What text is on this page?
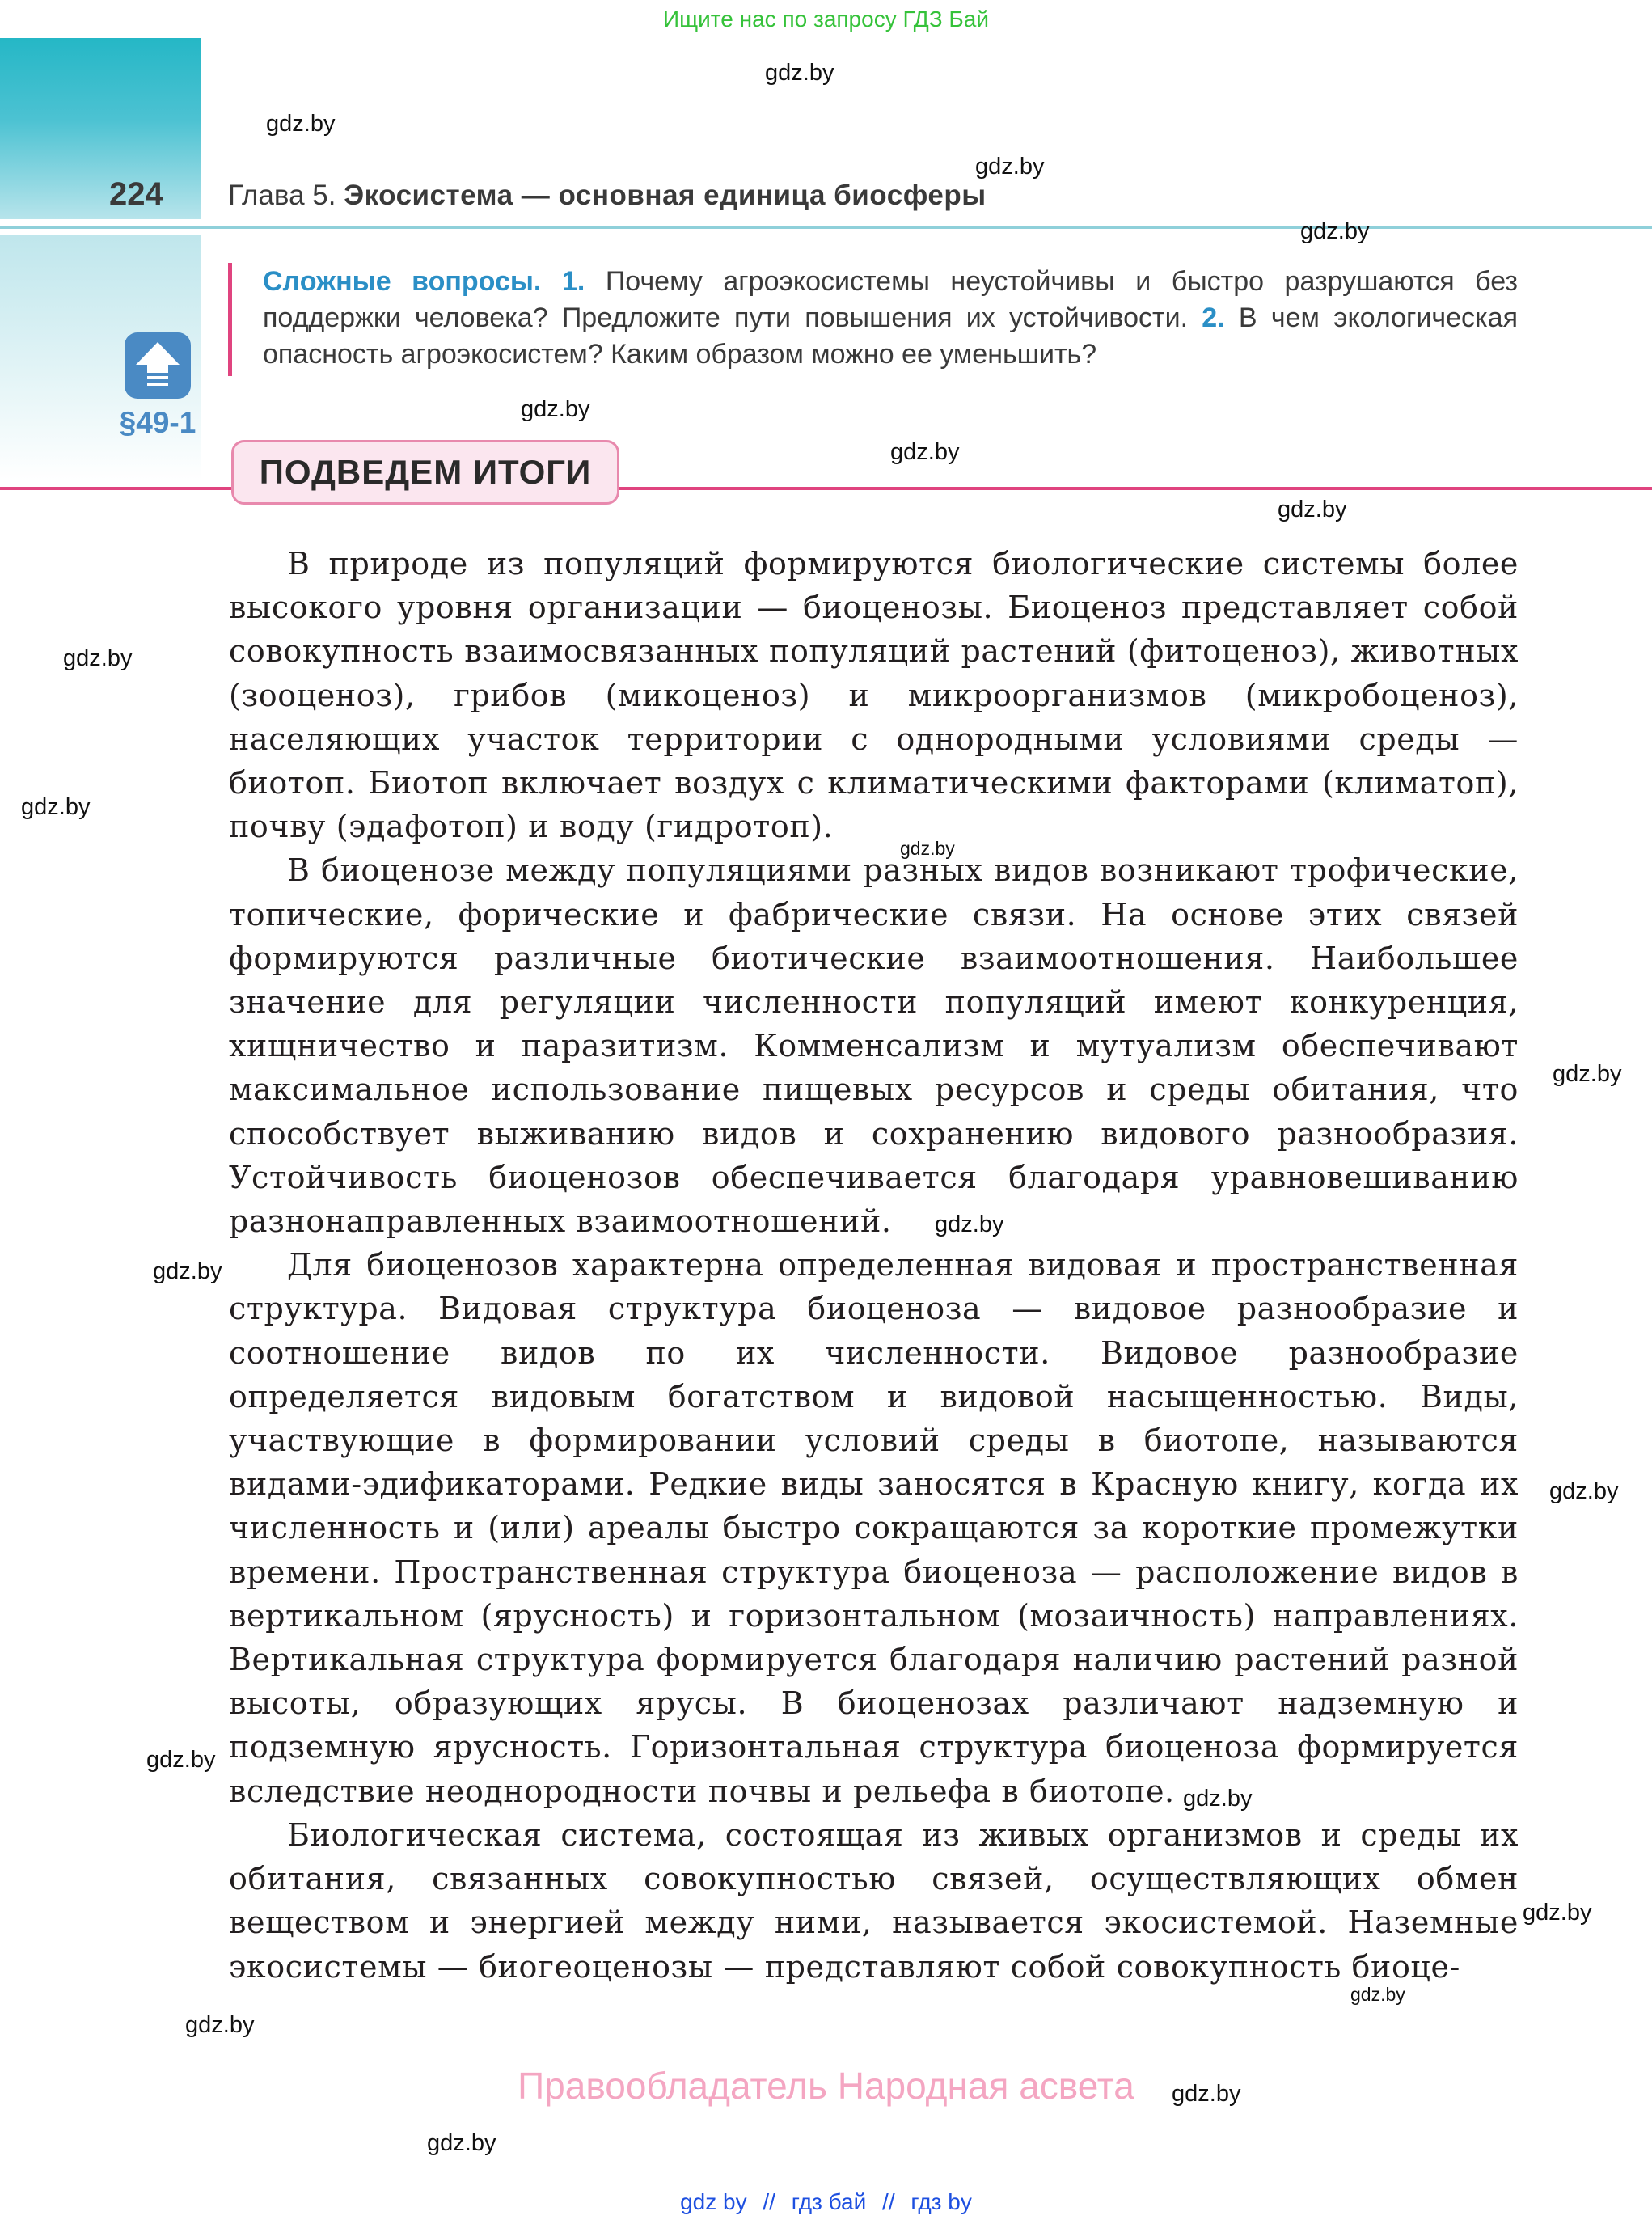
Ищите нас по запросу ГДЗ Бай
224 Глава 5. Экосистема — основная единица биосферы
Сложные вопросы. 1. Почему агроэкосистемы неустойчивы и быстро разрушаются без поддержки человека? Предложите пути повышения их устойчивости. 2. В чем экологическая опасность агроэкосистем? Каким образом можно ее уменьшить?
§49-1
ПОДВЕДЕМ ИТОГИ

В природе из популяций формируются биологические системы более высокого уровня организации — биоценозы. Биоценоз представляет собой совокупность взаимосвязанных популяций растений (фитоценоз), животных (зооценоз), грибов (микоценоз) и микроорганизмов (микробоценоз), населяющих участок территории с однородными условиями среды — биотоп. Биотоп включает воздух с климатическими факторами (климатоп), почву (эдафотоп) и воду (гидротоп).

В биоценозе между популяциями разных видов возникают трофические, топические, форические и фабрические связи. На основе этих связей формируются различные биотические взаимоотношения. Наибольшее значение для регуляции численности популяций имеют конкуренция, хищничество и паразитизм. Комменсализм и мутуализм обеспечивают максимальное использование пищевых ресурсов и среды обитания, что способствует выживанию видов и сохранению видового разнообразия. Устойчивость биоценозов обеспечивается благодаря уравновешиванию разнонаправленных взаимоотношений.

Для биоценозов характерна определенная видовая и пространственная структура. Видовая структура биоценоза — видовое разнообразие и соотношение видов по их численности. Видовое разнообразие определяется видовым богатством и видовой насыщенностью. Виды, участвующие в формировании условий среды в биотопе, называются видами-эдификаторами. Редкие виды заносятся в Красную книгу, когда их численность и (или) ареалы быстро сокращаются за короткие промежутки времени. Пространственная структура биоценоза — расположение видов в вертикальном (ярусность) и горизонтальном (мозаичность) направлениях. Вертикальная структура формируется благодаря наличию растений разной высоты, образующих ярусы. В биоценозах различают надземную и подземную ярусность. Горизонтальная структура биоценоза формируется вследствие неоднородности почвы и рельефа в биотопе.

Биологическая система, состоящая из живых организмов и среды их обитания, связанных совокупностью связей, осуществляющих обмен веществом и энергией между ними, называется экосистемой. Наземные экосистемы — биогеоценозы — представляют собой совокупность биоце-

Правообладатель Народная асвета
gdz.by
gdz.by
gdz.by
gdz.by
gdz.by
gdz.by
gdz.by
gdz.by
gdz.by
gdz.by
gdz.by
gdz.by
gdz.by
gdz.by
gdz.by
gdz.by
gdz.by
gdz.by
gdz.by
gdz.by
gdz.by
gdz by // гдз бай // гдз by
